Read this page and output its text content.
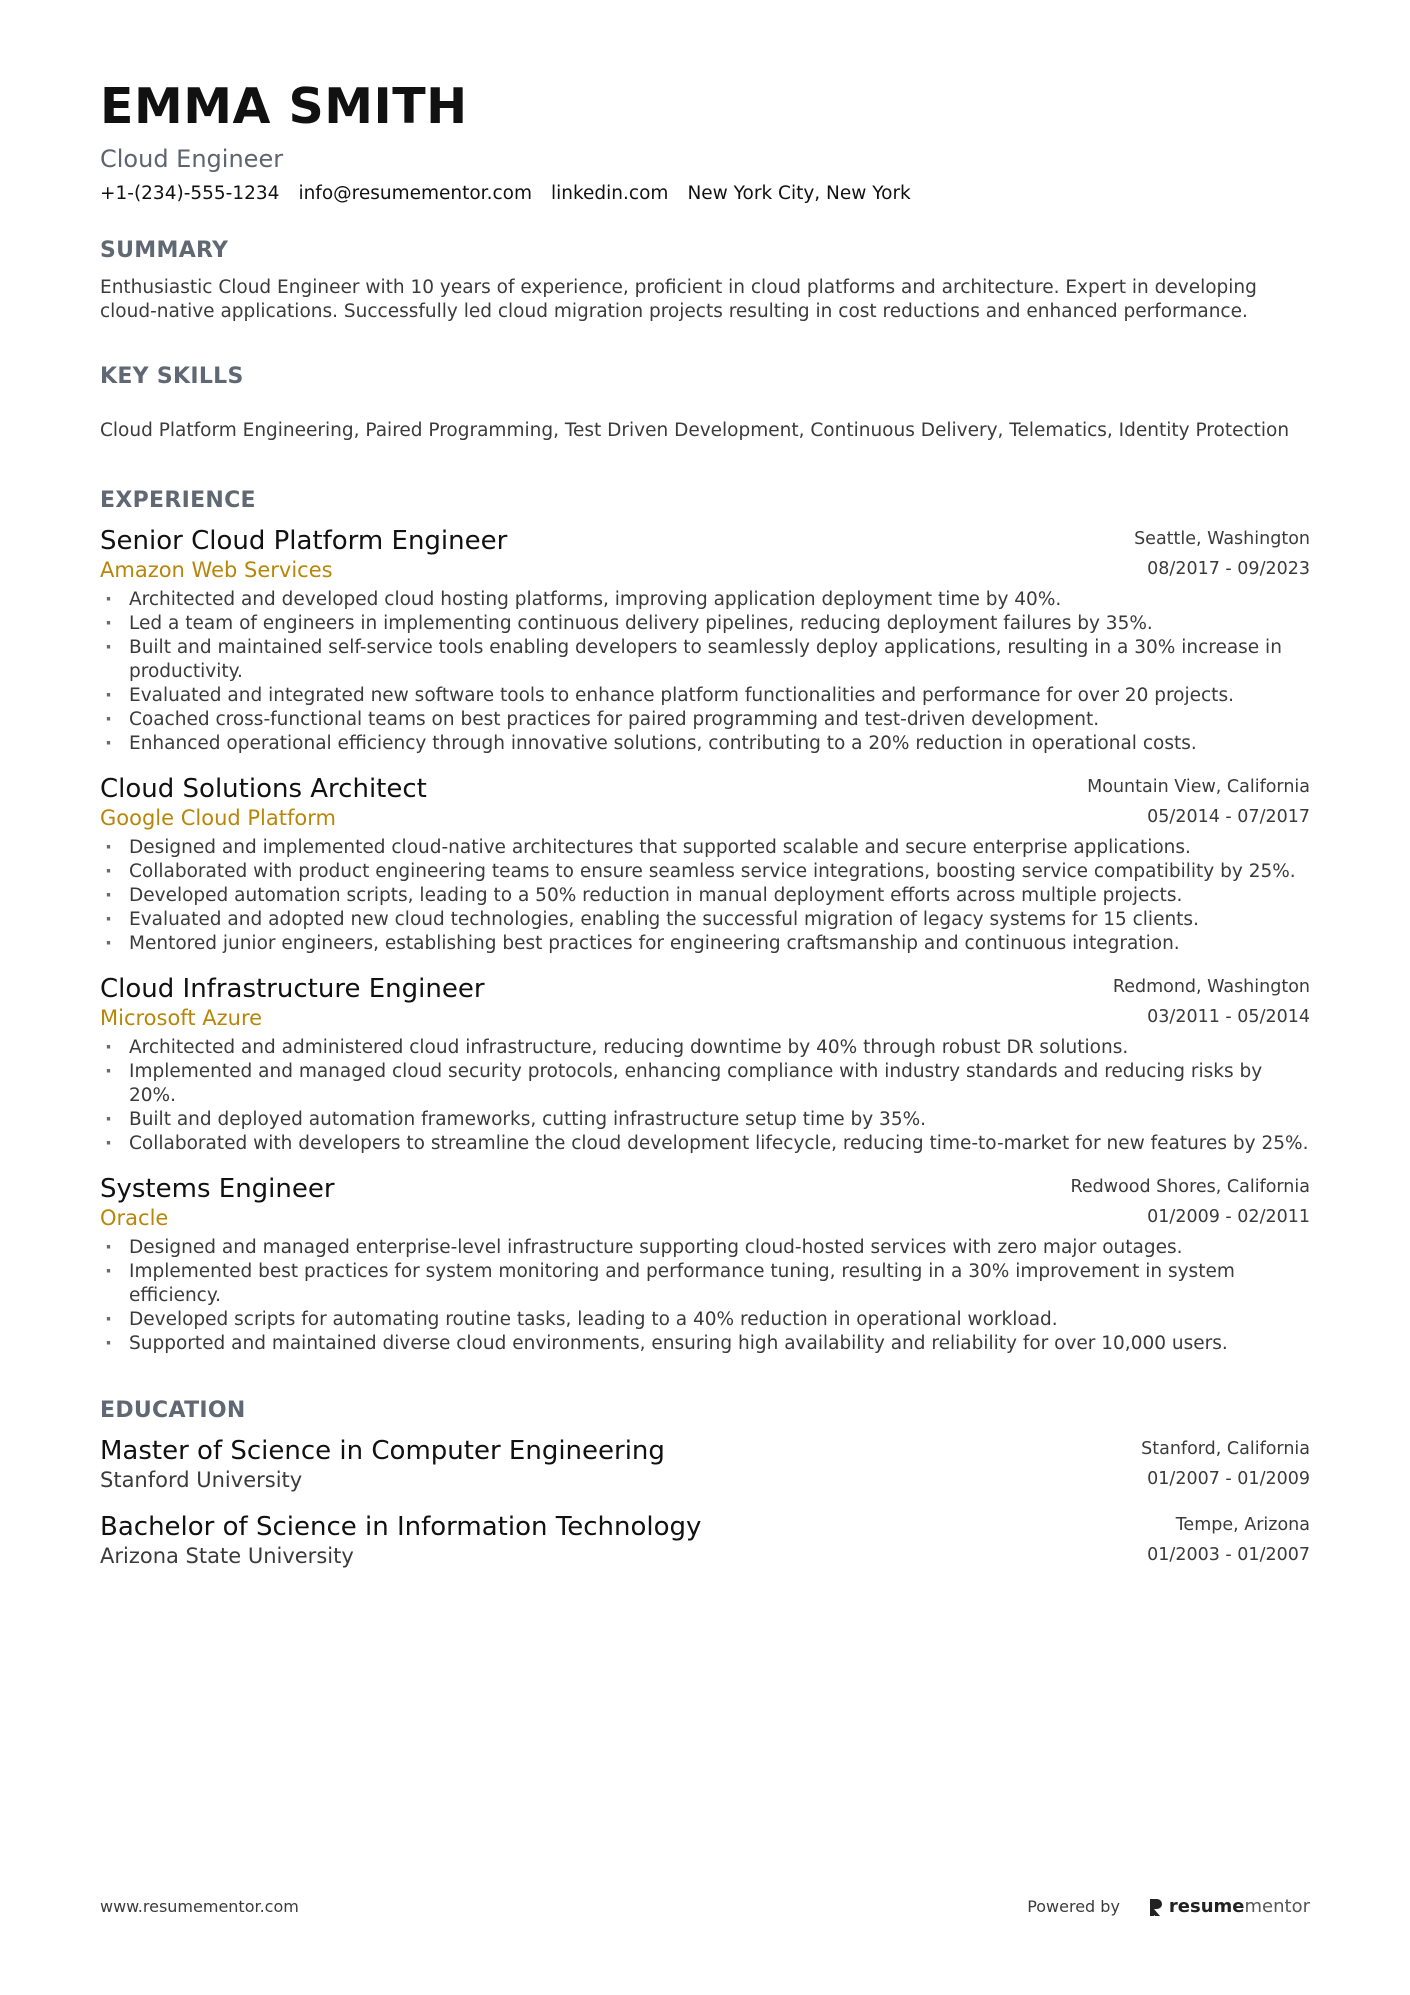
EMMA SMITH
Cloud Engineer
+1-(234)-555-1234 info@resumementor.com linkedin.com New York City, New York
SUMMARY
Enthusiastic Cloud Engineer with 10 years of experience, proficient in cloud platforms and architecture. Expert in developing cloud-native applications. Successfully led cloud migration projects resulting in cost reductions and enhanced performance.
KEY SKILLS
Cloud Platform Engineering, Paired Programming, Test Driven Development, Continuous Delivery, Telematics, Identity Protection
EXPERIENCE
Senior Cloud Platform Engineer
Amazon Web Services
Seattle, Washington
08/2017 - 09/2023
· Architected and developed cloud hosting platforms, improving application deployment time by 40%.
· Led a team of engineers in implementing continuous delivery pipelines, reducing deployment failures by 35%.
· Built and maintained self-service tools enabling developers to seamlessly deploy applications, resulting in a 30% increase in productivity.
· Evaluated and integrated new software tools to enhance platform functionalities and performance for over 20 projects.
· Coached cross-functional teams on best practices for paired programming and test-driven development.
· Enhanced operational efficiency through innovative solutions, contributing to a 20% reduction in operational costs.
Cloud Solutions Architect
Google Cloud Platform
Mountain View, California
05/2014 - 07/2017
· Designed and implemented cloud-native architectures that supported scalable and secure enterprise applications.
· Collaborated with product engineering teams to ensure seamless service integrations, boosting service compatibility by 25%.
· Developed automation scripts, leading to a 50% reduction in manual deployment efforts across multiple projects.
· Evaluated and adopted new cloud technologies, enabling the successful migration of legacy systems for 15 clients.
· Mentored junior engineers, establishing best practices for engineering craftsmanship and continuous integration.
Cloud Infrastructure Engineer
Microsoft Azure
Redmond, Washington
03/2011 - 05/2014
· Architected and administered cloud infrastructure, reducing downtime by 40% through robust DR solutions.
· Implemented and managed cloud security protocols, enhancing compliance with industry standards and reducing risks by 20%.
· Built and deployed automation frameworks, cutting infrastructure setup time by 35%.
· Collaborated with developers to streamline the cloud development lifecycle, reducing time-to-market for new features by 25%.
Systems Engineer
Oracle
Redwood Shores, California
01/2009 - 02/2011
· Designed and managed enterprise-level infrastructure supporting cloud-hosted services with zero major outages.
· Implemented best practices for system monitoring and performance tuning, resulting in a 30% improvement in system efficiency.
· Developed scripts for automating routine tasks, leading to a 40% reduction in operational workload.
· Supported and maintained diverse cloud environments, ensuring high availability and reliability for over 10,000 users.
EDUCATION
Master of Science in Computer Engineering
Stanford University
Stanford, California
01/2007 - 01/2009
Bachelor of Science in Information Technology
Arizona State University
Tempe, Arizona
01/2003 - 01/2007
www.resumementor.com	Powered by	resumementor
